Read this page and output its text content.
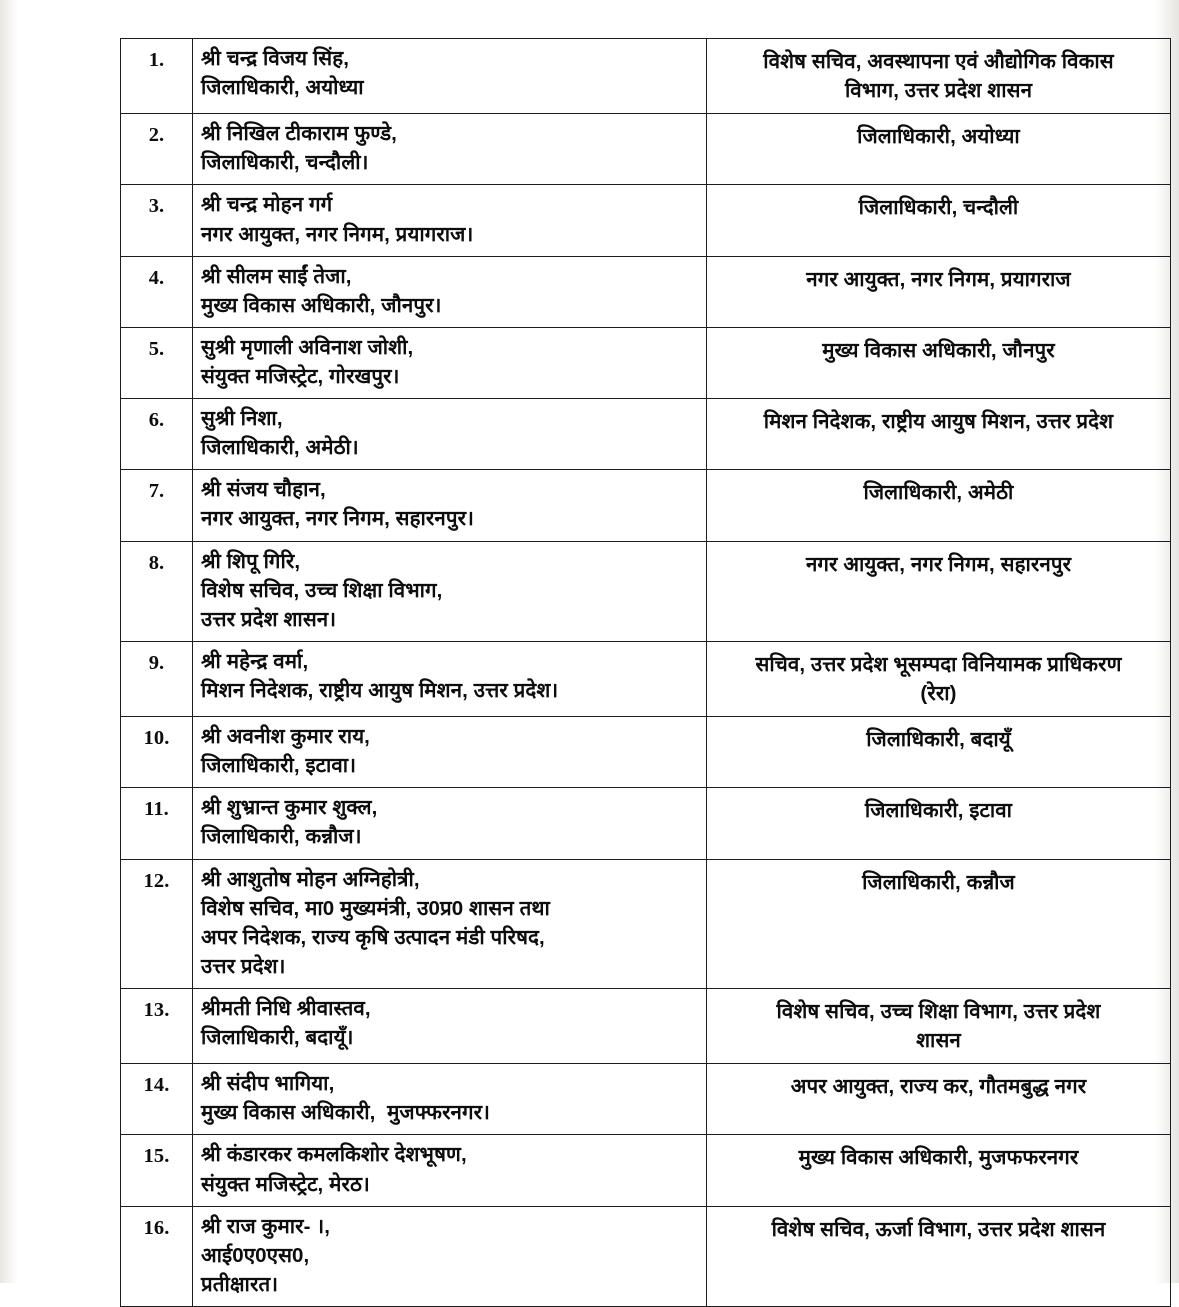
1.	श्री चन्द्र विजय सिंह,
जिलाधिकारी, अयोध्या	विशेष सचिव, अवस्थापना एवं औद्योगिक विकास
विभाग, उत्तर प्रदेश शासन

2.	श्री निखिल टीकाराम फुण्डे,
जिलाधिकारी, चन्दौली।	जिलाधिकारी, अयोध्या

3.	श्री चन्द्र मोहन गर्ग
नगर आयुक्त, नगर निगम, प्रयागराज।	जिलाधिकारी, चन्दौली

4.	श्री सीलम साईं तेजा,
मुख्य विकास अधिकारी, जौनपुर।	नगर आयुक्त, नगर निगम, प्रयागराज

5.	सुश्री मृणाली अविनाश जोशी,
संयुक्त मजिस्ट्रेट, गोरखपुर।	मुख्य विकास अधिकारी, जौनपुर

6.	सुश्री निशा,
जिलाधिकारी, अमेठी।	मिशन निदेशक, राष्ट्रीय आयुष मिशन, उत्तर प्रदेश

7.	श्री संजय चौहान,
नगर आयुक्त, नगर निगम, सहारनपुर।	जिलाधिकारी, अमेठी

8.	श्री शिपू गिरि,
विशेष सचिव, उच्च शिक्षा विभाग,
उत्तर प्रदेश शासन।	नगर आयुक्त, नगर निगम, सहारनपुर

9.	श्री महेन्द्र वर्मा,
मिशन निदेशक, राष्ट्रीय आयुष मिशन, उत्तर प्रदेश।	सचिव, उत्तर प्रदेश भूसम्पदा विनियामक प्राधिकरण
(रेरा)

10.	श्री अवनीश कुमार राय,
जिलाधिकारी, इटावा।	जिलाधिकारी, बदायूँ

11.	श्री शुभ्रान्त कुमार शुक्ल,
जिलाधिकारी, कन्नौज।	जिलाधिकारी, इटावा

12.	श्री आशुतोष मोहन अग्निहोत्री,
विशेष सचिव, मा0 मुख्यमंत्री, उ0प्र0 शासन तथा
अपर निदेशक, राज्य कृषि उत्पादन मंडी परिषद,
उत्तर प्रदेश।	जिलाधिकारी, कन्नौज

13.	श्रीमती निधि श्रीवास्तव,
जिलाधिकारी, बदायूँ।	विशेष सचिव, उच्च शिक्षा विभाग, उत्तर प्रदेश
शासन

14.	श्री संदीप भागिया,
मुख्य विकास अधिकारी,  मुजफ्फरनगर।	अपर आयुक्त, राज्य कर, गौतमबुद्ध नगर

15.	श्री कंडारकर कमलकिशोर देशभूषण,
संयुक्त मजिस्ट्रेट, मेरठ।	मुख्य विकास अधिकारी, मुजफफरनगर

16.	श्री राज कुमार- ।,
आई0ए0एस0,
प्रतीक्षारत।	विशेष सचिव, ऊर्जा विभाग, उत्तर प्रदेश शासन
